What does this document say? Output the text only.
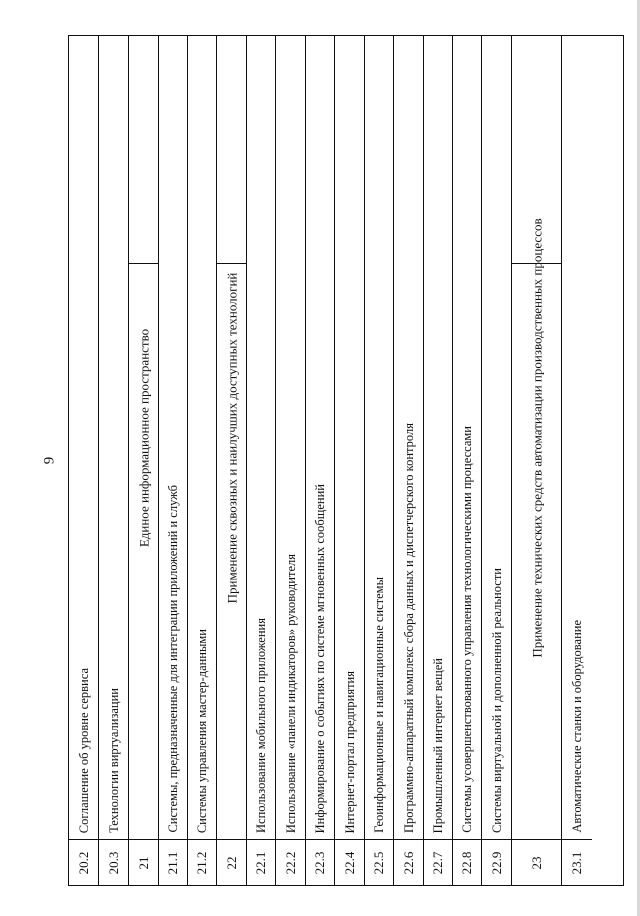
9
Соглашение об уровне сервиса
20.2
Технологии виртуализации
20.3
Единое информационное пространство
21
Системы, предназначенные для интеграции приложений и служб
21.1
Системы управления мастер-данными
21.2
Применение сквозных и наилучших доступных технологий
22
Использование мобильного приложения
22.1
Использование «панели индикаторов» руководителя
22.2
Информирование о событиях по системе мгновенных сообщений
22.3
Интернет-портал предприятия
22.4
Геоинформационные и навигационные системы
22.5
Программно-аппаратный комплекс сбора данных и диспетчерского контроля
22.6
Промышленный интернет вещей
22.7
Системы усовершенствованного управления технологическими процессами
22.8
Системы виртуальной и дополненной реальности
22.9
Применение технических средств автоматизации производственных процессов
23
Автоматические станки и оборудование
23.1
